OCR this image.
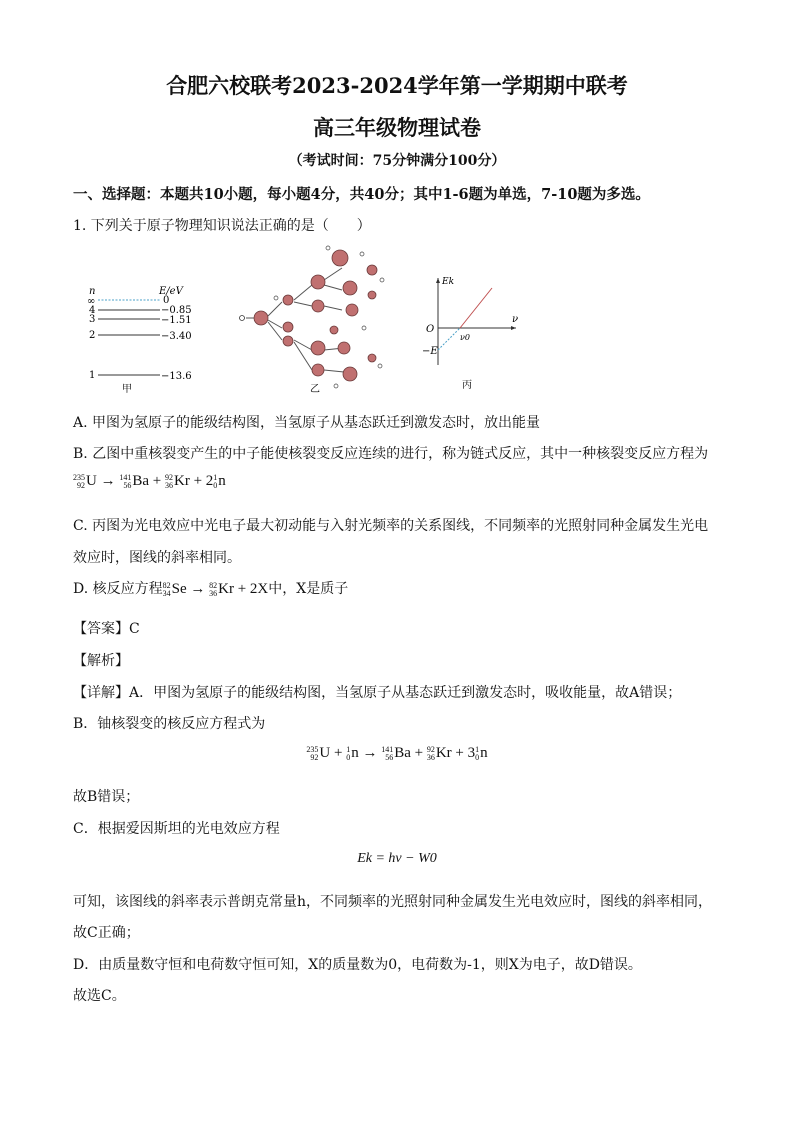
合肥六校联考2023-2024学年第一学期期中联考
高三年级物理试卷
（考试时间：75分钟满分100分）
一、选择题：本题共10小题，每小题4分，共40分；其中1-6题为单选，7-10题为多选。
1. 下列关于原子物理知识说法正确的是（　　）
n	E/eV
∞
4
3
2
1
0
−0.85
−1.51
−3.40
−13.6
甲	乙
Ek
ν
O
ν0
−E
丙
A. 甲图为氢原子的能级结构图，当氢原子从基态跃迁到激发态时，放出能量
B. 乙图中重核裂变产生的中子能使核裂变反应连续的进行，称为链式反应，其中一种核裂变反应方程为
235
92 U → 141
56 Ba + 92
36 Kr + 2 1
0 n
C. 丙图为光电效应中光电子最大初动能与入射光频率的关系图线，不同频率的光照射同种金属发生光电
效应时，图线的斜率相同。
D. 核反应方程 82
34 Se → 82
36 Kr + 2X中，X是质子
【答案】C
【解析】
【详解】A．甲图为氢原子的能级结构图，当氢原子从基态跃迁到激发态时，吸收能量，故A错误；
B．铀核裂变的核反应方程式为
235
92 U + 1
0 n → 141
56 Ba + 92
36 Kr + 3 1
0 n
故B错误；
C．根据爱因斯坦的光电效应方程
Ek = hν − W0
可知，该图线的斜率表示普朗克常量h，不同频率的光照射同种金属发生光电效应时，图线的斜率相同，
故C正确；
D．由质量数守恒和电荷数守恒可知，X的质量数为0，电荷数为-1，则X为电子，故D错误。
故选C。
